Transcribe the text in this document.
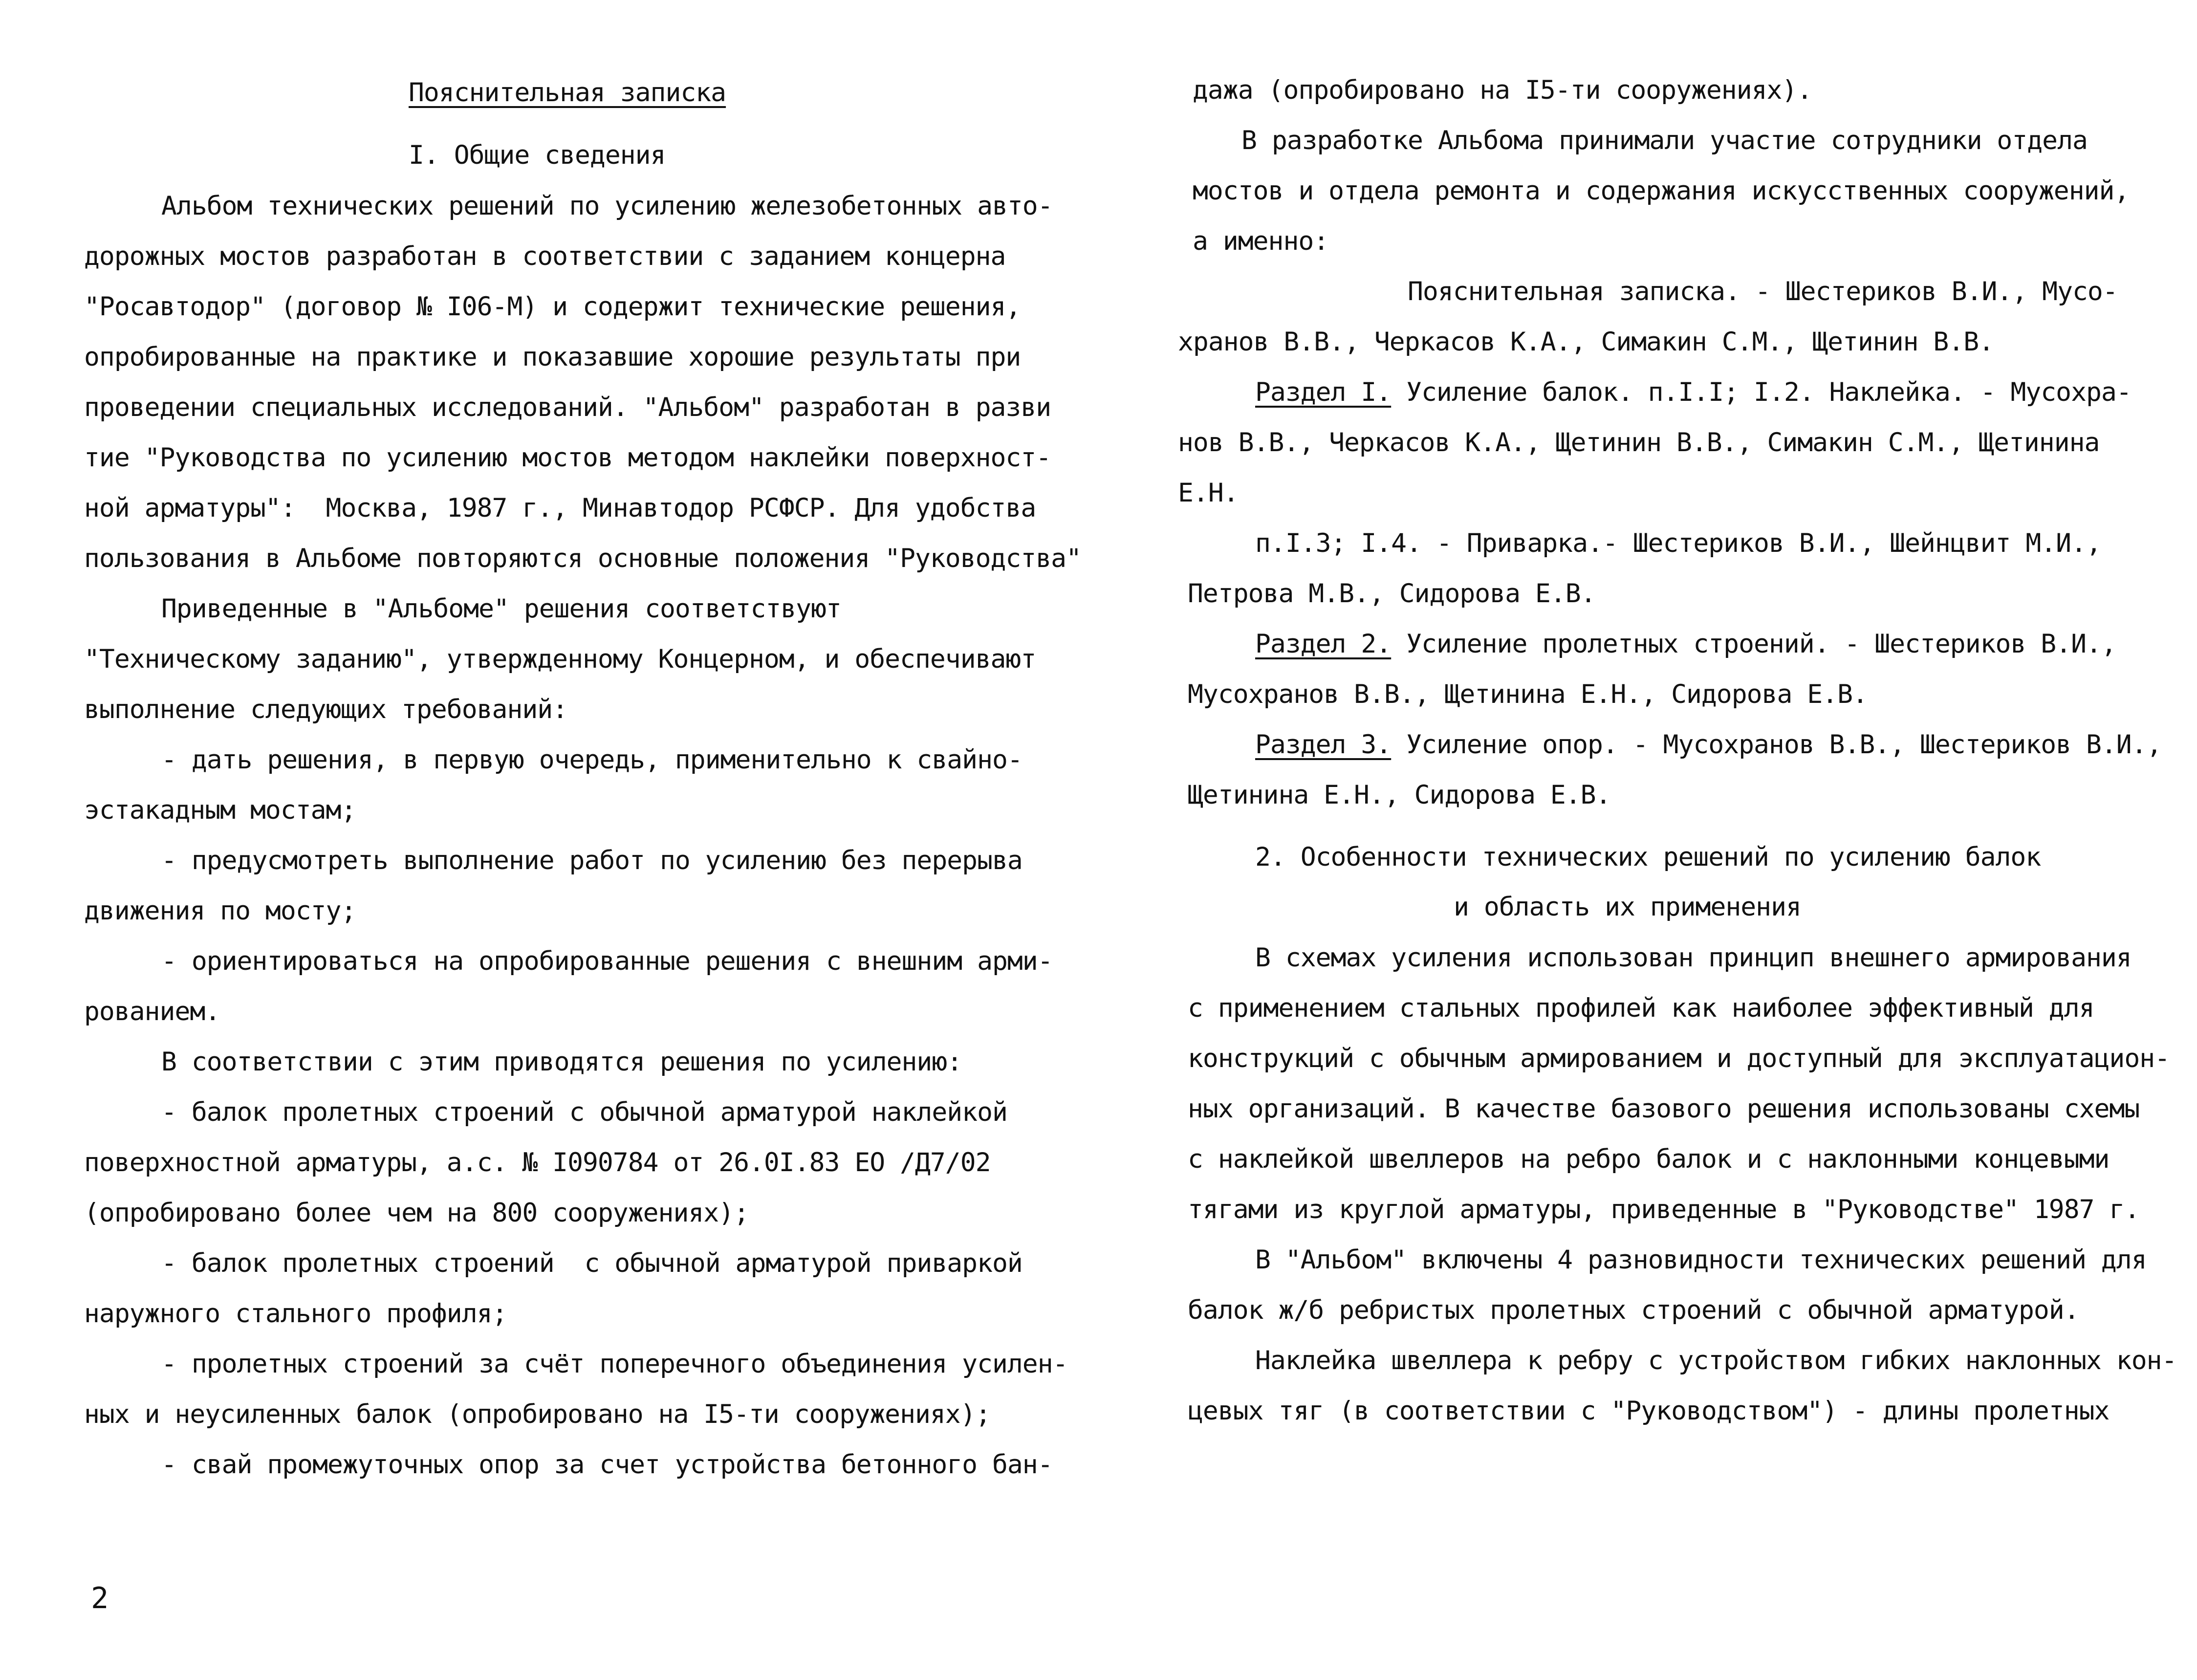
Пояснительная записка
I. Общие сведения
Альбом технических решений по усилению железобетонных авто-
дорожных мостов разработан в соответствии с заданием концерна
"Росавтодор" (договор № I06-М) и содержит технические решения,
опробированные на практике и показавшие хорошие результаты при
проведении специальных исследований. "Альбом" разработан в разви
тие "Руководства по усилению мостов методом наклейки поверхност-
ной арматуры":  Москва, 1987 г., Минавтодор РСФСР. Для удобства
пользования в Альбоме повторяются основные положения "Руководства"
Приведенные в "Альбоме" решения соответствуют
"Техническому заданию", утвержденному Концерном, и обеспечивают
выполнение следующих требований:
- дать решения, в первую очередь, применительно к свайно-
эстакадным мостам;
- предусмотреть выполнение работ по усилению без перерыва
движения по мосту;
- ориентироваться на опробированные решения с внешним арми-
рованием.
В соответствии с этим приводятся решения по усилению:
- балок пролетных строений с обычной арматурой наклейкой
поверхностной арматуры, а.с. № I090784 от 26.0I.83 ЕО /Д7/02
(опробировано более чем на 800 сооружениях);
- балок пролетных строений  с обычной арматурой приваркой
наружного стального профиля;
- пролетных строений за счёт поперечного объединения усилен-
ных и неусиленных балок (опробировано на I5-ти сооружениях);
- свай промежуточных опор за счет устройства бетонного бан-
дажа (опробировано на I5-ти сооружениях).
В разработке Альбома принимали участие сотрудники отдела
мостов и отдела ремонта и содержания искусственных сооружений,
а именно:
Пояснительная записка. - Шестериков В.И., Мусо-
хранов В.В., Черкасов К.А., Симакин С.М., Щетинин В.В.
Раздел I. Усиление балок. п.I.I; I.2. Наклейка. - Мусохра-
нов В.В., Черкасов К.А., Щетинин В.В., Симакин С.М., Щетинина
Е.Н.
п.I.3; I.4. - Приварка.- Шестериков В.И., Шейнцвит М.И.,
Петрова М.В., Сидорова Е.В.
Раздел 2. Усиление пролетных строений. - Шестериков В.И.,
Мусохранов В.В., Щетинина Е.Н., Сидорова Е.В.
Раздел 3. Усиление опор. - Мусохранов В.В., Шестериков В.И.,
Щетинина Е.Н., Сидорова Е.В.
2. Особенности технических решений по усилению балок
и область их применения
В схемах усиления использован принцип внешнего армирования
с применением стальных профилей как наиболее эффективный для
конструкций с обычным армированием и доступный для эксплуатацион-
ных организаций. В качестве базового решения использованы схемы
с наклейкой швеллеров на ребро балок и с наклонными концевыми
тягами из круглой арматуры, приведенные в "Руководстве" 1987 г.
В "Альбом" включены 4 разновидности технических решений для
балок ж/б ребристых пролетных строений с обычной арматурой.
Наклейка швеллера к ребру с устройством гибких наклонных кон-
цевых тяг (в соответствии с "Руководством") - длины пролетных
2
